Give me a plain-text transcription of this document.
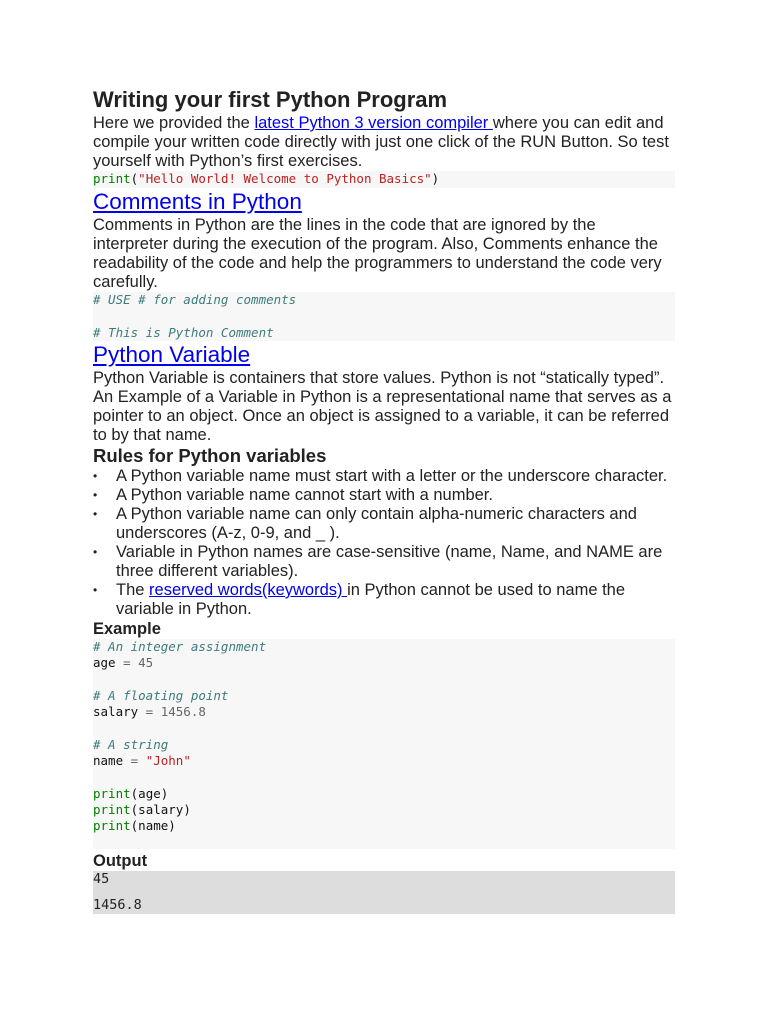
Writing your first Python Program

Here we provided the latest Python 3 version compiler where you can edit and compile your written code directly with just one click of the RUN Button. So test yourself with Python’s first exercises.

print("Hello World! Welcome to Python Basics")
Comments in Python

Comments in Python are the lines in the code that are ignored by the interpreter during the execution of the program. Also, Comments enhance the readability of the code and help the programmers to understand the code very carefully.

# USE # for adding comments
# This is Python Comment
Python Variable

Python Variable is containers that store values. Python is not “statically typed”. An Example of a Variable in Python is a representational name that serves as a pointer to an object. Once an object is assigned to a variable, it can be referred to by that name.

Rules for Python variables
• A Python variable name must start with a letter or the underscore character.
• A Python variable name cannot start with a number.
• A Python variable name can only contain alpha-numeric characters and underscores (A-z, 0-9, and _ ).
• Variable in Python names are case-sensitive (name, Name, and NAME are three different variables).
• The reserved words(keywords) in Python cannot be used to name the variable in Python.
Example
# An integer assignment
age = 45
# A floating point
salary = 1456.8
# A string
name = "John"
print(age)
print(salary)
print(name)
Output
45
1456.8
